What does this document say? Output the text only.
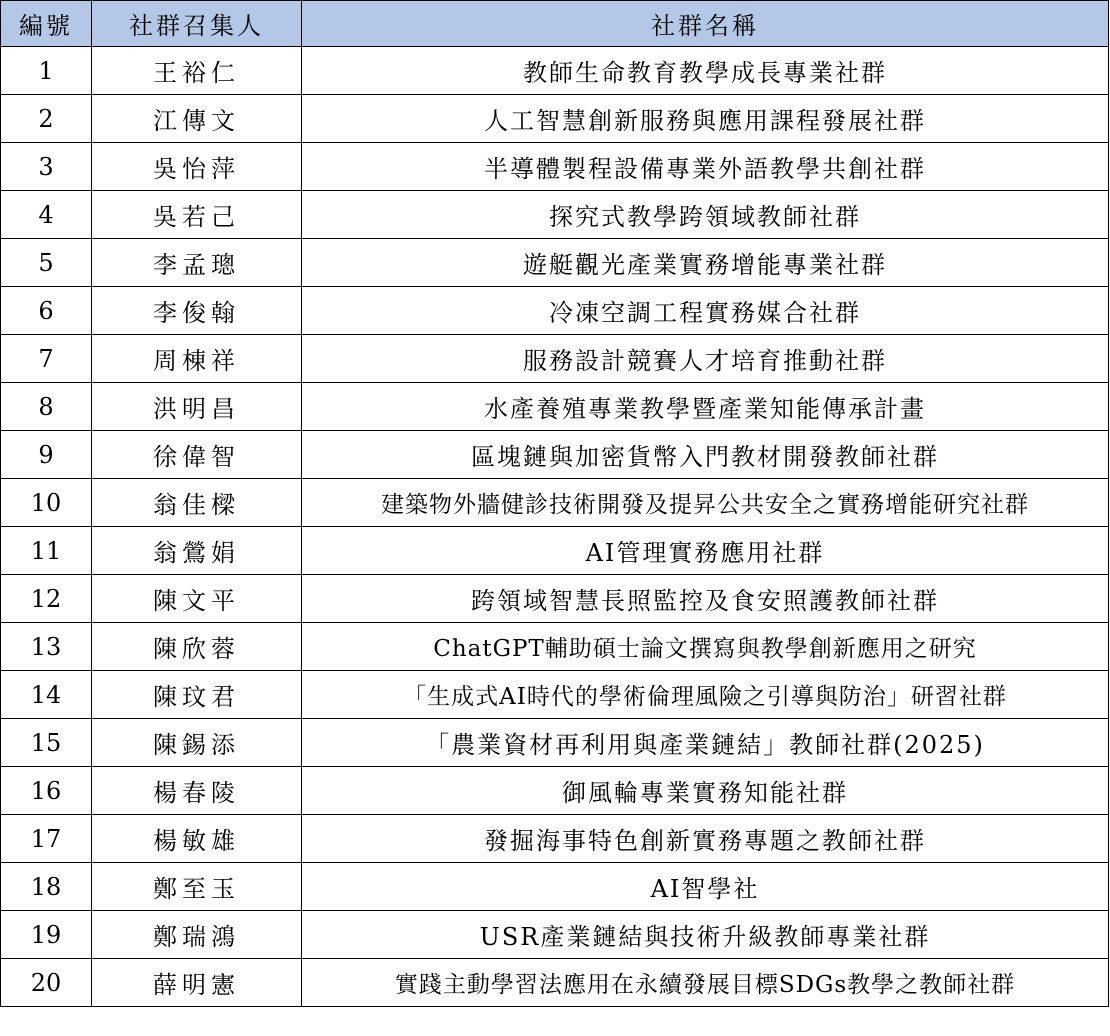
編號	社群召集人	社群名稱
1	王裕仁	教師生命教育教學成長專業社群
2	江傳文	人工智慧創新服務與應用課程發展社群
3	吳怡萍	半導體製程設備專業外語教學共創社群
4	吳若己	探究式教學跨領域教師社群
5	李孟璁	遊艇觀光產業實務增能專業社群
6	李俊翰	冷凍空調工程實務媒合社群
7	周棟祥	服務設計競賽人才培育推動社群
8	洪明昌	水產養殖專業教學暨產業知能傳承計畫
9	徐偉智	區塊鏈與加密貨幣入門教材開發教師社群
10	翁佳樑	建築物外牆健診技術開發及提昇公共安全之實務增能研究社群
11	翁鶯娟	AI管理實務應用社群
12	陳文平	跨領域智慧長照監控及食安照護教師社群
13	陳欣蓉	ChatGPT輔助碩士論文撰寫與教學創新應用之研究
14	陳玟君	「生成式AI時代的學術倫理風險之引導與防治」研習社群
15	陳錫添	「農業資材再利用與產業鏈結」教師社群(2025)
16	楊春陵	御風輪專業實務知能社群
17	楊敏雄	發掘海事特色創新實務專題之教師社群
18	鄭至玉	AI智學社
19	鄭瑞鴻	USR產業鏈結與技術升級教師專業社群
20	薛明憲	實踐主動學習法應用在永續發展目標SDGs教學之教師社群
